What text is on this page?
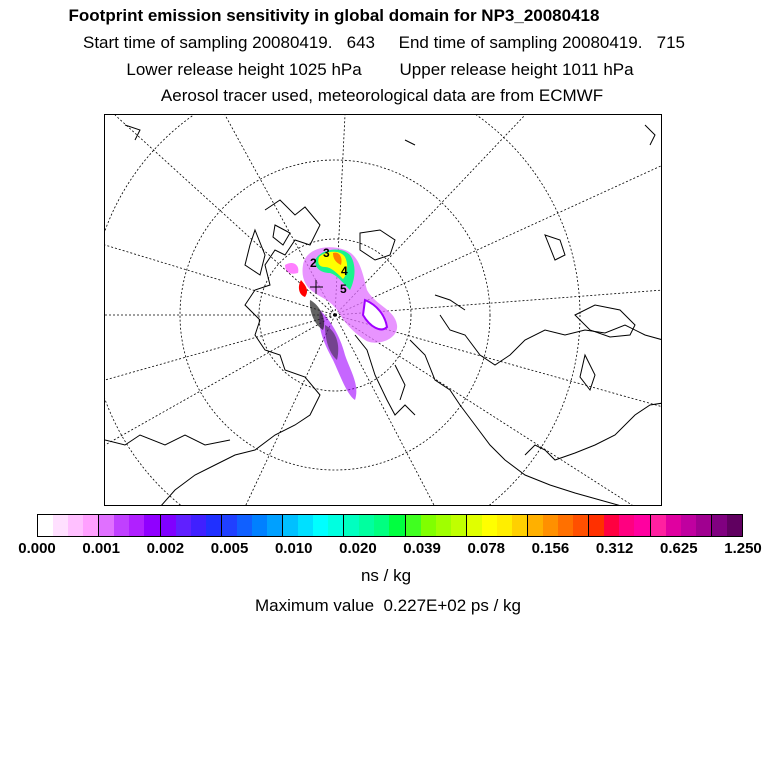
Footprint emission sensitivity in global domain for NP3_20080418
Start time of sampling 20080419.   643     End time of sampling 20080419.   715
Lower release height 1025 hPa        Upper release height 1011 hPa
Aerosol tracer used, meteorological data are from ECMWF
2
3
4
5
0.000 0.001 0.002 0.005 0.010 0.020 0.039 0.078 0.156 0.312 0.625 1.250
ns / kg
Maximum value  0.227E+02 ps / kg
